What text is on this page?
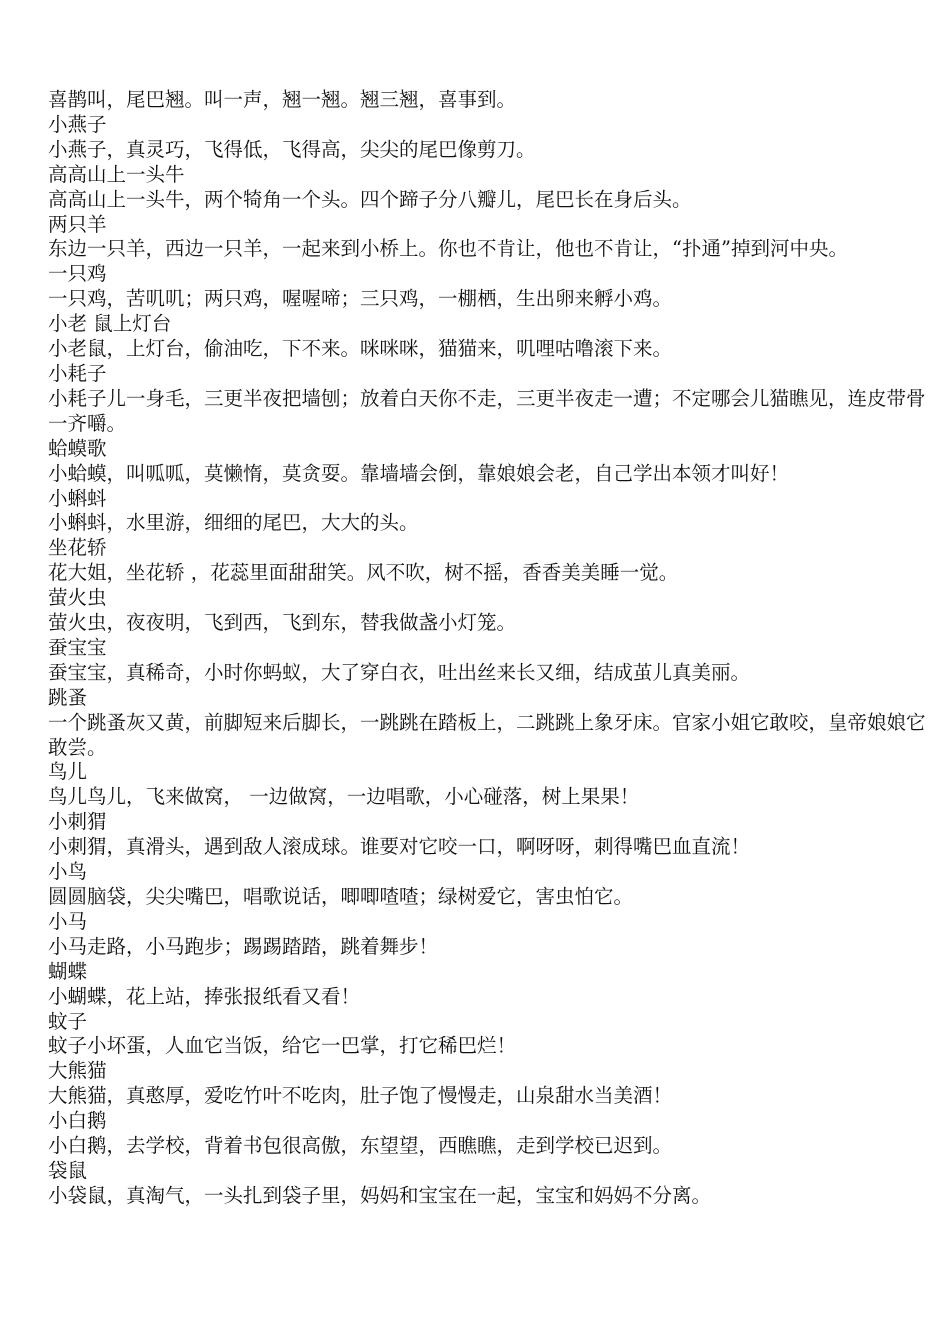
喜鹊叫，尾巴翘。叫一声，翘一翘。翘三翘，喜事到。

小燕子

小燕子，真灵巧，飞得低，飞得高，尖尖的尾巴像剪刀。

高高山上一头牛

高高山上一头牛，两个犄角一个头。四个蹄子分八瓣儿，尾巴长在身后头。

两只羊

东边一只羊，西边一只羊，一起来到小桥上。你也不肯让，他也不肯让，“扑通”掉到河中央。

一只鸡

一只鸡，苦叽叽；两只鸡，喔喔啼；三只鸡，一棚栖，生出卵来孵小鸡。

小老 鼠上灯台

小老鼠，上灯台，偷油吃，下不来。咪咪咪，猫猫来，叽哩咕噜滚下来。

小耗子

小耗子儿一身毛，三更半夜把墙刨；放着白天你不走，三更半夜走一遭；不定哪会儿猫瞧见，连皮带骨一齐嚼。

蛤蟆歌

小蛤蟆，叫呱呱，莫懒惰，莫贪耍。靠墙墙会倒，靠娘娘会老，自己学出本领才叫好！

小蝌蚪

小蝌蚪，水里游，细细的尾巴，大大的头。

坐花轿

花大姐，坐花轿 ，花蕊里面甜甜笑。风不吹，树不摇，香香美美睡一觉。

萤火虫

萤火虫，夜夜明，飞到西，飞到东，替我做盏小灯笼。

蚕宝宝

蚕宝宝，真稀奇，小时你蚂蚁，大了穿白衣，吐出丝来长又细，结成茧儿真美丽。

跳蚤

一个跳蚤灰又黄，前脚短来后脚长，一跳跳在踏板上，二跳跳上象牙床。官家小姐它敢咬，皇帝娘娘它敢尝。

鸟儿

鸟儿鸟儿，飞来做窝， 一边做窝，一边唱歌，小心碰落，树上果果！

小刺猬

小刺猬，真滑头，遇到敌人滚成球。谁要对它咬一口，啊呀呀，刺得嘴巴血直流！

小鸟

圆圆脑袋，尖尖嘴巴，唱歌说话，唧唧喳喳；绿树爱它，害虫怕它。

小马

小马走路，小马跑步；踢踢踏踏，跳着舞步！

蝴蝶

小蝴蝶，花上站，捧张报纸看又看！

蚊子

蚊子小坏蛋，人血它当饭，给它一巴掌，打它稀巴烂！

大熊猫

大熊猫，真憨厚，爱吃竹叶不吃肉，肚子饱了慢慢走，山泉甜水当美酒！

小白鹅

小白鹅，去学校，背着书包很高傲，东望望，西瞧瞧，走到学校已迟到。

袋鼠

小袋鼠，真淘气，一头扎到袋子里，妈妈和宝宝在一起，宝宝和妈妈不分离。
